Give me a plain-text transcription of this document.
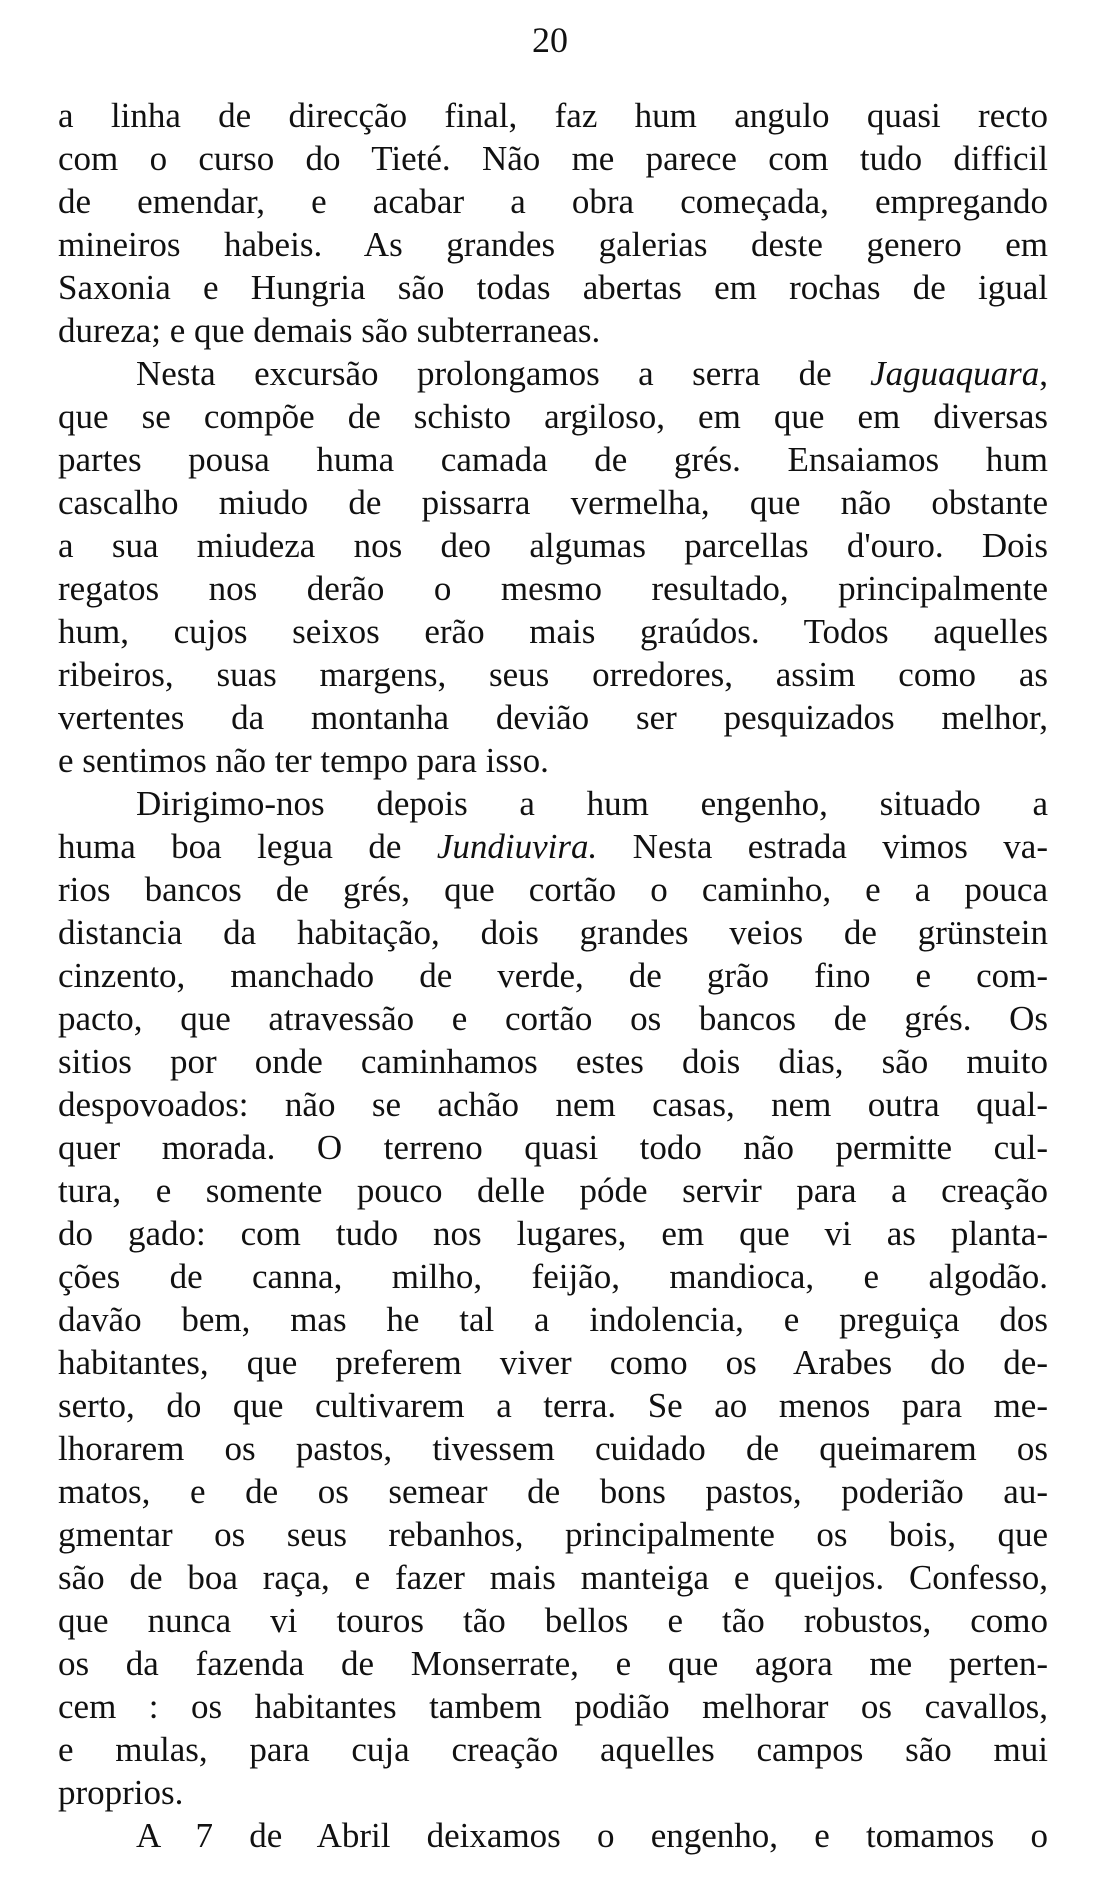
20
a linha de direcção final, faz hum angulo quasi recto
com o curso do Tieté. Não me parece com tudo difficil
de emendar, e acabar a obra começada, empregando
mineiros habeis. As grandes galerias deste genero em
Saxonia e Hungria são todas abertas em rochas de igual
dureza; e que demais são subterraneas.
Nesta excursão prolongamos a serra de Jaguaquara,
que se compõe de schisto argiloso, em que em diversas
partes pousa huma camada de grés. Ensaiamos hum
cascalho miudo de pissarra vermelha, que não obstante
a sua miudeza nos deo algumas parcellas d'ouro. Dois
regatos nos derão o mesmo resultado, principalmente
hum, cujos seixos erão mais graúdos. Todos aquelles
ribeiros, suas margens, seus orredores, assim como as
vertentes da montanha devião ser pesquizados melhor,
e sentimos não ter tempo para isso.
Dirigimo-nos depois a hum engenho, situado a
huma boa legua de Jundiuvira. Nesta estrada vimos va-
rios bancos de grés, que cortão o caminho, e a pouca
distancia da habitação, dois grandes veios de grünstein
cinzento, manchado de verde, de grão fino e com-
pacto, que atravessão e cortão os bancos de grés. Os
sitios por onde caminhamos estes dois dias, são muito
despovoados: não se achão nem casas, nem outra qual-
quer morada. O terreno quasi todo não permitte cul-
tura, e somente pouco delle póde servir para a creação
do gado: com tudo nos lugares, em que vi as planta-
ções de canna, milho, feijão, mandioca, e algodão.
davão bem, mas he tal a indolencia, e preguiça dos
habitantes, que preferem viver como os Arabes do de-
serto, do que cultivarem a terra. Se ao menos para me-
lhorarem os pastos, tivessem cuidado de queimarem os
matos, e de os semear de bons pastos, poderião au-
gmentar os seus rebanhos, principalmente os bois, que
são de boa raça, e fazer mais manteiga e queijos. Confesso,
que nunca vi touros tão bellos e tão robustos, como
os da fazenda de Monserrate, e que agora me perten-
cem : os habitantes tambem podião melhorar os cavallos,
e mulas, para cuja creação aquelles campos são mui
proprios.
A 7 de Abril deixamos o engenho, e tomamos o
